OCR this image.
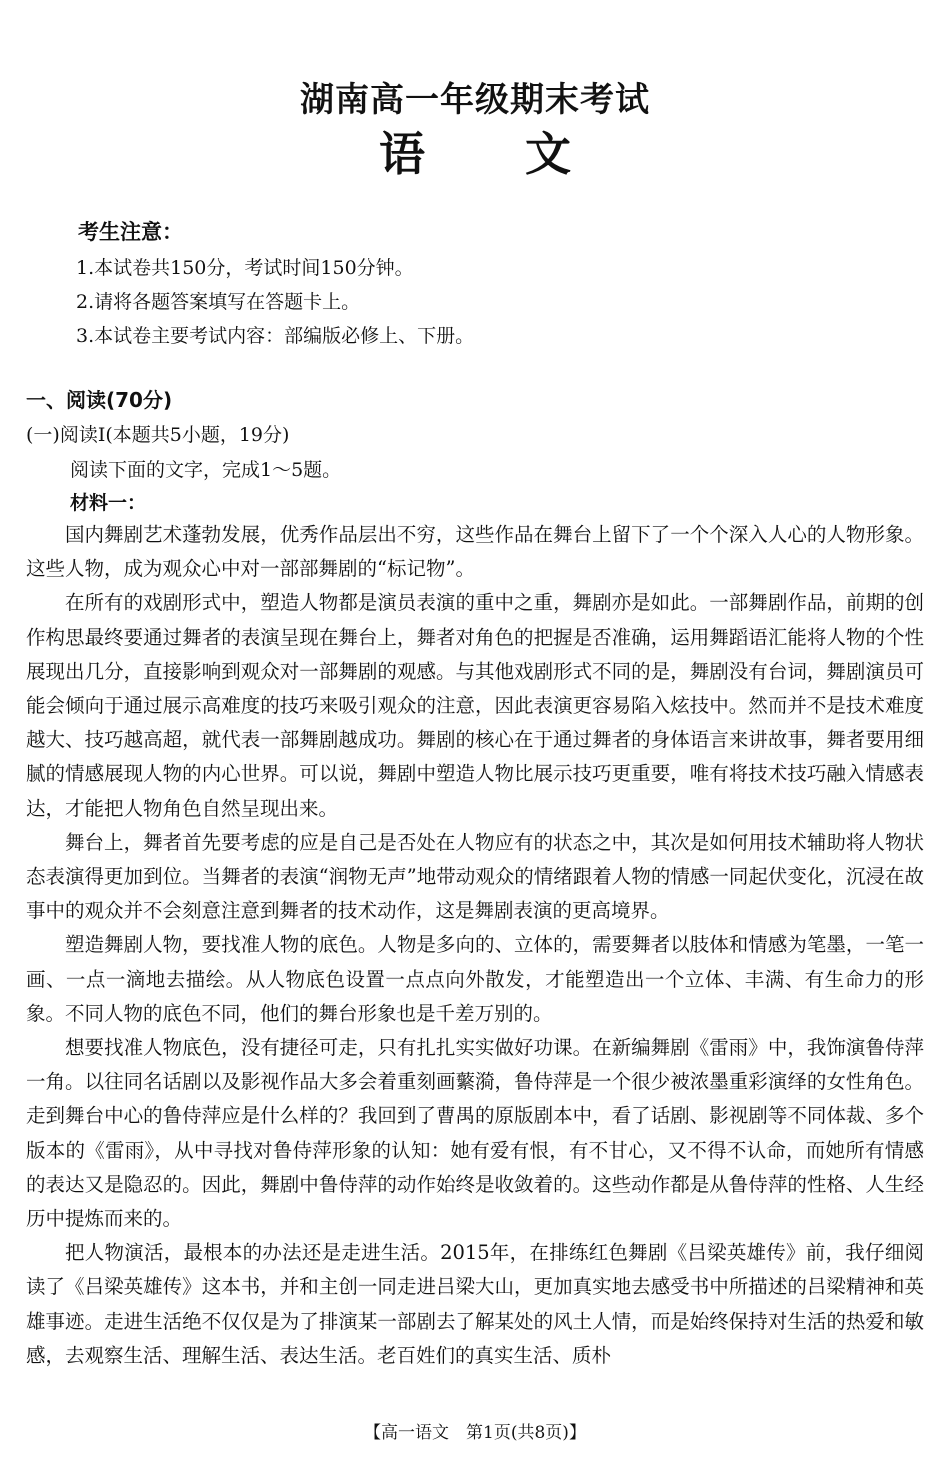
湖南高一年级期末考试
语 文
考生注意：
1.本试卷共150分，考试时间150分钟。
2.请将各题答案填写在答题卡上。
3.本试卷主要考试内容：部编版必修上、下册。
一、阅读(70分)
(一)阅读Ⅰ(本题共5小题，19分)
阅读下面的文字，完成1～5题。
材料一：

国内舞剧艺术蓬勃发展，优秀作品层出不穷，这些作品在舞台上留下了一个个深入人心的人物形象。这些人物，成为观众心中对一部部舞剧的“标记物”。

在所有的戏剧形式中，塑造人物都是演员表演的重中之重，舞剧亦是如此。一部舞剧作品，前期的创作构思最终要通过舞者的表演呈现在舞台上，舞者对角色的把握是否准确，运用舞蹈语汇能将人物的个性展现出几分，直接影响到观众对一部舞剧的观感。与其他戏剧形式不同的是，舞剧没有台词，舞剧演员可能会倾向于通过展示高难度的技巧来吸引观众的注意，因此表演更容易陷入炫技中。然而并不是技术难度越大、技巧越高超，就代表一部舞剧越成功。舞剧的核心在于通过舞者的身体语言来讲故事，舞者要用细腻的情感展现人物的内心世界。可以说，舞剧中塑造人物比展示技巧更重要，唯有将技术技巧融入情感表达，才能把人物角色自然呈现出来。

舞台上，舞者首先要考虑的应是自己是否处在人物应有的状态之中，其次是如何用技术辅助将人物状态表演得更加到位。当舞者的表演“润物无声”地带动观众的情绪跟着人物的情感一同起伏变化，沉浸在故事中的观众并不会刻意注意到舞者的技术动作，这是舞剧表演的更高境界。

塑造舞剧人物，要找准人物的底色。人物是多向的、立体的，需要舞者以肢体和情感为笔墨，一笔一画、一点一滴地去描绘。从人物底色设置一点点向外散发，才能塑造出一个立体、丰满、有生命力的形象。不同人物的底色不同，他们的舞台形象也是千差万别的。

想要找准人物底色，没有捷径可走，只有扎扎实实做好功课。在新编舞剧《雷雨》中，我饰演鲁侍萍一角。以往同名话剧以及影视作品大多会着重刻画蘩漪，鲁侍萍是一个很少被浓墨重彩演绎的女性角色。走到舞台中心的鲁侍萍应是什么样的？我回到了曹禺的原版剧本中，看了话剧、影视剧等不同体裁、多个版本的《雷雨》，从中寻找对鲁侍萍形象的认知：她有爱有恨，有不甘心，又不得不认命，而她所有情感的表达又是隐忍的。因此，舞剧中鲁侍萍的动作始终是收敛着的。这些动作都是从鲁侍萍的性格、人生经历中提炼而来的。

把人物演活，最根本的办法还是走进生活。2015年，在排练红色舞剧《吕梁英雄传》前，我仔细阅读了《吕梁英雄传》这本书，并和主创一同走进吕梁大山，更加真实地去感受书中所描述的吕梁精神和英雄事迹。走进生活绝不仅仅是为了排演某一部剧去了解某处的风土人情，而是始终保持对生活的热爱和敏感，去观察生活、理解生活、表达生活。老百姓们的真实生活、质朴

【高一语文　第1页(共8页)】
